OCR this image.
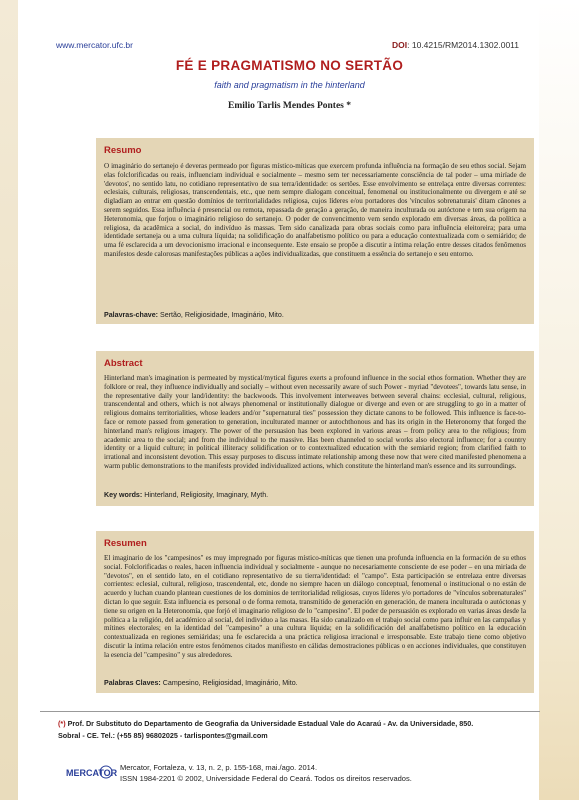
www.mercator.ufc.br	DOI: 10.4215/RM2014.1302.0011
FÉ E PRAGMATISMO NO SERTÃO
faith and pragmatism in the hinterland
Emilio Tarlis Mendes Pontes *
Resumo

O imaginário do sertanejo é deveras permeado por figuras místico-míticas que exercem profunda influência na formação de seu ethos social. Sejam elas folclorificadas ou reais, influenciam individual e socialmente – mesmo sem ter necessariamente consciência de tal poder – uma miríade de 'devotos', no sentido latu, no cotidiano representativo de sua terra/identidade: os sertões. Esse envolvimento se entrelaça entre diversas correntes: eclesiais, culturais, religiosas, transcendentais, etc., que nem sempre dialogam conceitual, fenomenal ou institucionalmente ou divergem e até se digladiam ao entrar em questão domínios de territorialidades religiosa, cujos líderes e/ou portadores dos 'vínculos sobrenaturais' ditam cânones a serem seguidos. Essa influência é presencial ou remota, repassada de geração a geração, de maneira inculturada ou autóctone e tem sua origem na Heteronomia, que forjou o imaginário religioso do sertanejo. O poder de convencimento vem sendo explorado em diversas áreas, da política a religiosa, da acadêmica a social, do indivíduo às massas. Tem sido canalizada para obras sociais como para influência eleitoreira; para uma identidade sertaneja ou a uma cultura líquida; na solidificação do analfabetismo político ou para a educação contextualizada com o semiárido; de uma fé esclarecida a um devocionismo irracional e inconsequente. Este ensaio se propõe a discutir a íntima relação entre desses citados fenômenos manifestos desde calorosas manifestações públicas a ações individualizadas, que constituem a essência do sertanejo e seu entorno.

Palavras-chave: Sertão, Religiosidade, Imaginário, Mito.

Abstract

Hinterland man's imagination is permeated by mystical/mytical figures exerts a profound influence in the social ethos formation. Whether they are folklore or real, they influence individually and socially – without even necessarily aware of such Power - myriad "devotees", towards latu sense, in the representative daily your land/identity: the backwoods. This involvement interweaves between several chains: ecclesial, cultural, religious, transcendental and others, which is not always phenomenal or institutionally dialogue or diverge and even or are struggling to go in a matter of religious domains territorialities, whose leaders and/or "supernatural ties" possession they dictate canons to be followed. This influence is face-to-face or remote passed from generation to generation, inculturated manner or autochthonous and has its origin in the Heteronomy that forged the hinterland man's religious imagery. The power of the persuasion has been explored in various areas – from policy area to the religious; from academic area to the social; and from the individual to the massive. Has been channeled to social works also electoral influence; for a country identity or a liquid culture; in political illiteracy solidification or to contextualized education with the semiarid region; from clarified faith to irrational and inconsistent devotion. This essay purposes to discuss intimate relationship among these now that were cited manifested phenomena a warm public demonstrations to the manifests provided individualized actions, which constitute the hinterland man's essence and its surroundings.

Key words: Hinterland, Religiosity, Imaginary, Myth.

Resumen

El imaginario de los "campesinos" es muy impregnado por figuras místico-míticas que tienen una profunda influencia en la formación de su ethos social. Folclorificadas o reales, hacen influencia individual y socialmente - aunque no necesariamente consciente de ese poder – en una miríada de "devotos", en el sentido lato, en el cotidiano representativo de su tierra/identidad: el "campo". Esta participación se entrelaza entre diversas corrientes: eclesial, cultural, religioso, trascendental, etc, donde no siempre hacen un diálogo conceptual, fenomenal o institucional o no están de acuerdo y luchan cuando plantean cuestiones de los dominios de territorialidad religiosas, cuyos líderes y/o portadores de "vínculos sobrenaturales" dictan lo que seguir. Esta influencia es personal o de forma remota, transmitido de generación en generación, de manera inculturada o autóctonas y tiene su origen en la Heteronomía, que forjó el imaginario religioso de lo "campesino". El poder de persuasión es explorado en varias áreas desde la política a la religión, del académico al social, del individuo a las masas. Ha sido canalizado en el trabajo social como para influir en las campañas y mítines electorales; en la identidad del "campesino" a una cultura líquida; en la solidificación del analfabetismo político en la educación contextualizada en regiones semiáridas; una fe esclarecida a una práctica religiosa irracional e irresponsable. Este trabajo tiene como objetivo discutir la íntima relación entre estos fenómenos citados manifiesto en cálidas demostraciones públicas o en acciones individuales, que constituyen la esencia del "campesino" y sus alrededores.

Palabras Claves: Campesino, Religiosidad, Imaginário, Mito.

(*) Prof. Dr Substituto do Departamento de Geografia da Universidade Estadual Vale do Acaraú - Av. da Universidade, 850.
Sobral - CE. Tel.: (+55 85) 96802025 - tarlispontes@gmail.com
MERCATOR
Mercator, Fortaleza, v. 13, n. 2, p. 155-168, mai./ago. 2014.
ISSN 1984-2201 © 2002, Universidade Federal do Ceará. Todos os direitos reservados.
